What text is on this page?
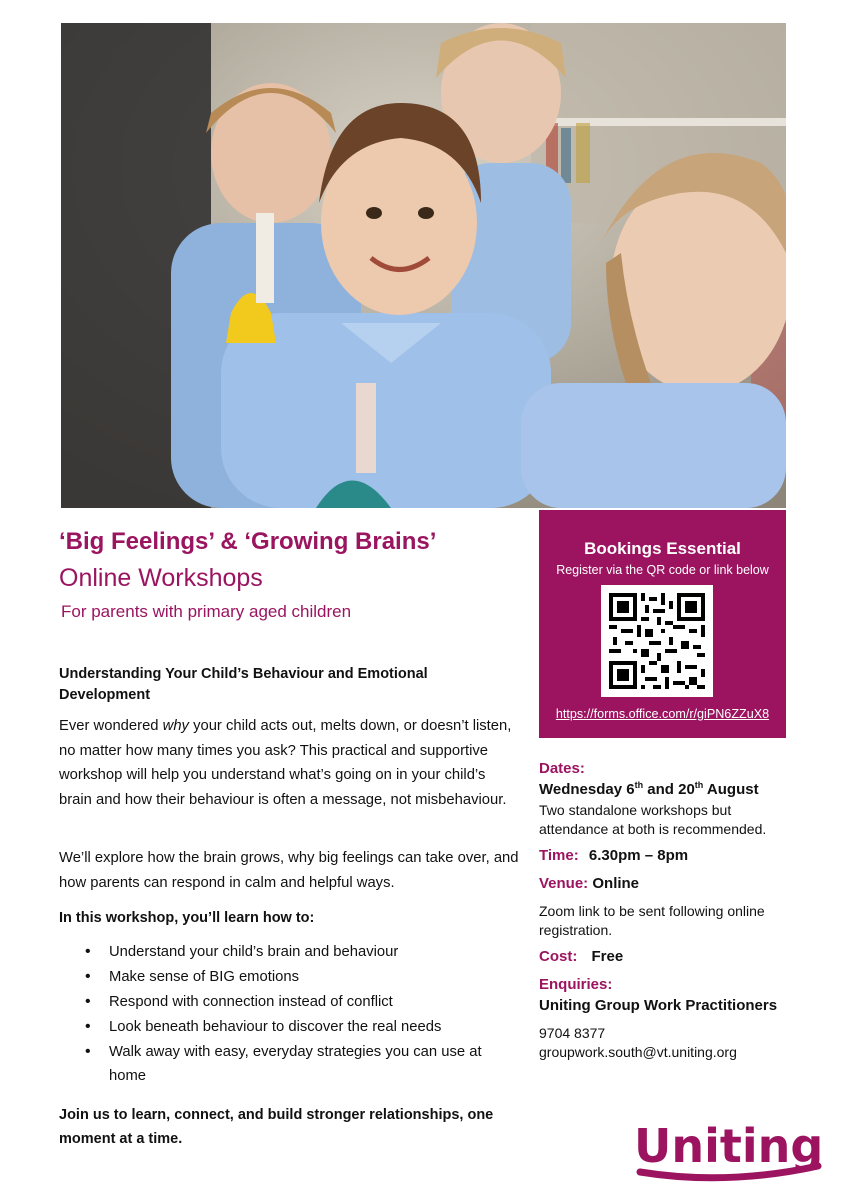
‘Big Feelings’ & ‘Growing Brains’
Online Workshops
For parents with primary aged children
Understanding Your Child’s Behaviour and Emotional Development
Ever wondered why your child acts out, melts down, or doesn’t listen, no matter how many times you ask? This practical and supportive workshop will help you understand what’s going on in your child’s brain and how their behaviour is often a message, not misbehaviour.
We’ll explore how the brain grows, why big feelings can take over, and how parents can respond in calm and helpful ways.
In this workshop, you’ll learn how to:
• Understand your child’s brain and behaviour
• Make sense of BIG emotions
• Respond with connection instead of conflict
• Look beneath behaviour to discover the real needs
• Walk away with easy, everyday strategies you can use at home
Join us to learn, connect, and build stronger relationships, one moment at a time.
Bookings Essential
Register via the QR code or link below
https://forms.office.com/r/giPN6ZZuX8
Dates:
Wednesday 6th and 20th August
Two standalone workshops but attendance at both is recommended.
Time: 6.30pm – 8pm
Venue: Online
Zoom link to be sent following online registration.
Cost: Free
Enquiries:
Uniting Group Work Practitioners
9704 8377
groupwork.south@vt.uniting.org
Uniting
